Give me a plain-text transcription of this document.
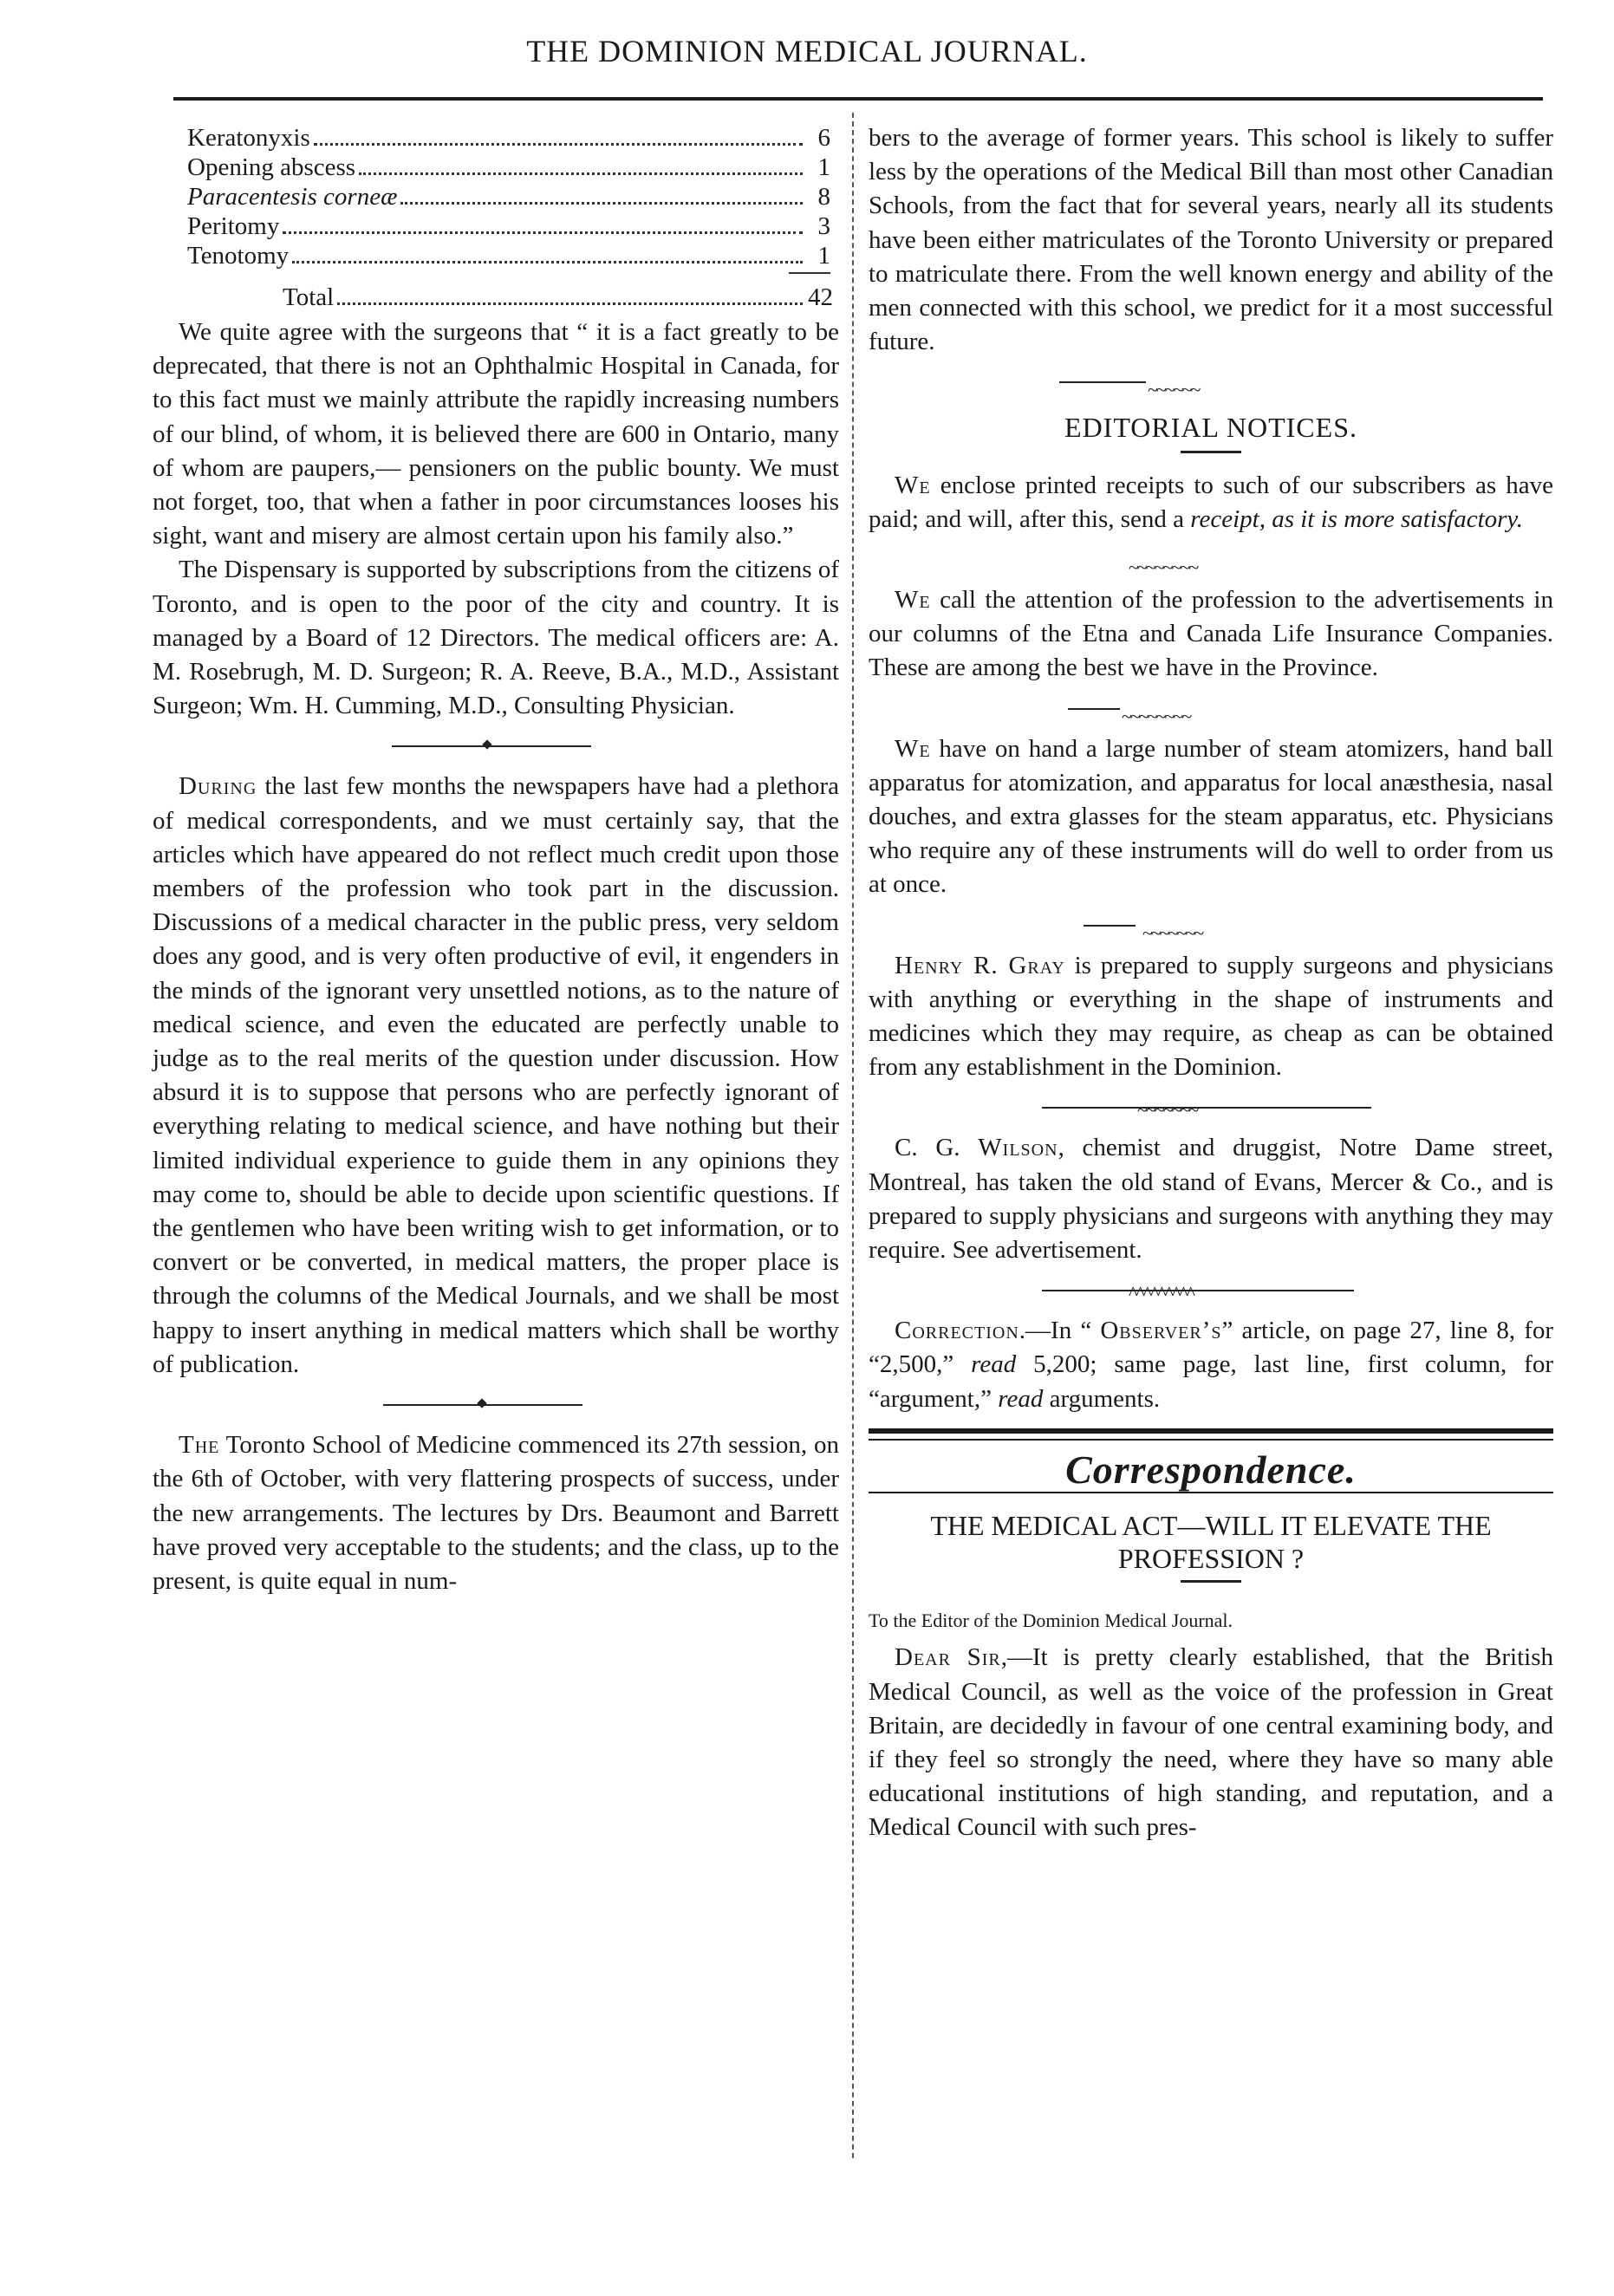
THE DOMINION MEDICAL JOURNAL.
Keratonyxis	6
Opening abscess	1
Paracentesis corneæ	8
Peritomy	3
Tenotomy	1
Total	42

We quite agree with the surgeons that “ it is a fact greatly to be deprecated, that there is not an Ophthalmic Hospital in Canada, for to this fact must we mainly attribute the rapidly increasing numbers of our blind, of whom, it is believed there are 600 in Ontario, many of whom are paupers,— pensioners on the public bounty. We must not forget, too, that when a father in poor circumstances looses his sight, want and misery are almost certain upon his family also.”

The Dispensary is supported by subscriptions from the citizens of Toronto, and is open to the poor of the city and country. It is managed by a Board of 12 Directors. The medical officers are: A. M. Rosebrugh, M. D. Surgeon; R. A. Reeve, B.A., M.D., Assistant Surgeon; Wm. H. Cumming, M.D., Consulting Physician.

During the last few months the newspapers have had a plethora of medical correspondents, and we must certainly say, that the articles which have appeared do not reflect much credit upon those members of the profession who took part in the discussion. Discussions of a medical character in the public press, very seldom does any good, and is very often productive of evil, it engenders in the minds of the ignorant very unsettled notions, as to the nature of medical science, and even the educated are perfectly unable to judge as to the real merits of the question under discussion. How absurd it is to suppose that persons who are perfectly ignorant of everything relating to medical science, and have nothing but their limited individual experience to guide them in any opinions they may come to, should be able to decide upon scientific questions. If the gentlemen who have been writing wish to get information, or to convert or be converted, in medical matters, the proper place is through the columns of the Medical Journals, and we shall be most happy to insert anything in medical matters which shall be worthy of publication.

The Toronto School of Medicine commenced its 27th session, on the 6th of October, with very flattering prospects of success, under the new arrangements. The lectures by Drs. Beaumont and Barrett have proved very acceptable to the students; and the class, up to the present, is quite equal in num-

bers to the average of former years. This school is likely to suffer less by the operations of the Medical Bill than most other Canadian Schools, from the fact that for several years, nearly all its students have been either matriculates of the Toronto University or prepared to matriculate there. From the well known energy and ability of the men connected with this school, we predict for it a most successful future.

~~~~~~
EDITORIAL NOTICES.

We enclose printed receipts to such of our subscribers as have paid; and will, after this, send a receipt, as it is more satisfactory.

~~~~~~~~

We call the attention of the profession to the advertisements in our columns of the Etna and Canada Life Insurance Companies. These are among the best we have in the Province.

~~~~~~~~

We have on hand a large number of steam atomizers, hand ball apparatus for atomization, and apparatus for local anæsthesia, nasal douches, and extra glasses for the steam apparatus, etc. Physicians who require any of these instruments will do well to order from us at once.

~~~~~~~

Henry R. Gray is prepared to supply surgeons and physicians with anything or everything in the shape of instruments and medicines which they may require, as cheap as can be obtained from any establishment in the Dominion.

~~~~~~~

C. G. Wilson, chemist and druggist, Notre Dame street, Montreal, has taken the old stand of Evans, Mercer & Co., and is prepared to supply physicians and surgeons with anything they may require. See advertisement.

^^^^^^^^^

Correction.—In “ Observer’s” article, on page 27, line 8, for “2,500,” read 5,200; same page, last line, first column, for “argument,” read arguments.

Correspondence.
THE MEDICAL ACT—WILL IT ELEVATE THE PROFESSION ?
To the Editor of the Dominion Medical Journal.

Dear Sir,—It is pretty clearly established, that the British Medical Council, as well as the voice of the profession in Great Britain, are decidedly in favour of one central examining body, and if they feel so strongly the need, where they have so many able educational institutions of high standing, and reputation, and a Medical Council with such pres-
